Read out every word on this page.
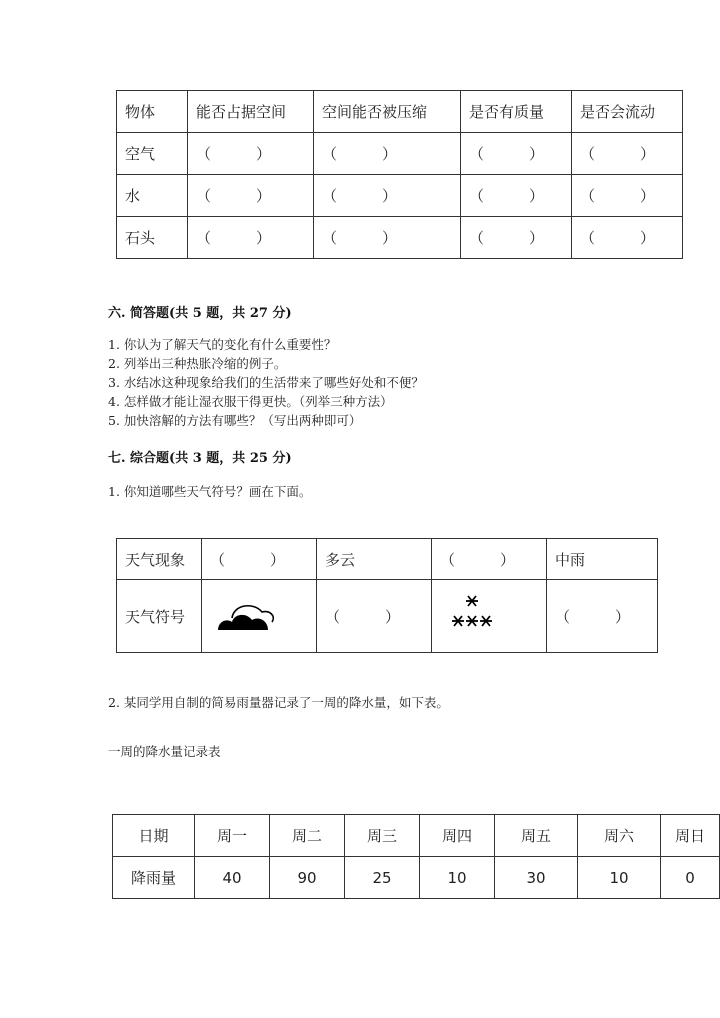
物体	能否占据空间	空间能否被压缩	是否有质量	是否会流动
空气	（　　　）	（　　　）	（　　　）	（　　　）
水	（　　　）	（　　　）	（　　　）	（　　　）
石头	（　　　）	（　　　）	（　　　）	（　　　）
六. 简答题(共 5 题，共 27 分)
1. 你认为了解天气的变化有什么重要性？
2. 列举出三种热胀冷缩的例子。
3. 水结冰这种现象给我们的生活带来了哪些好处和不便？
4. 怎样做才能让湿衣服干得更快。（列举三种方法）
5. 加快溶解的方法有哪些？（写出两种即可）
七. 综合题(共 3 题，共 25 分)
1. 你知道哪些天气符号？画在下面。
天气现象	（　　　）	多云	（　　　）	中雨
天气符号		（　　　）		（　　　）
2. 某同学用自制的简易雨量器记录了一周的降水量，如下表。
一周的降水量记录表
日期	周一	周二	周三	周四	周五	周六	周日
降雨量	40	90	25	10	30	10	0
